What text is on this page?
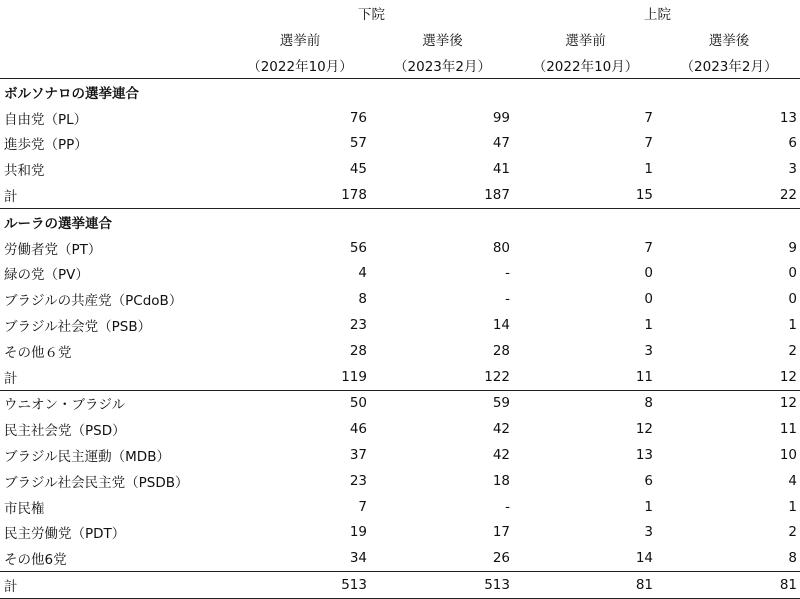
	下院		上院	
	選挙前	選挙後	選挙前	選挙後
	（2022年10月）	（2023年2月）	（2022年10月）	（2023年2月）
ボルソナロの選挙連合				
自由党（PL）	76	99	7	13
進歩党（PP）	57	47	7	6
共和党	45	41	1	3
計	178	187	15	22
ルーラの選挙連合				
労働者党（PT）	56	80	7	9
緑の党（PV）	4	-	0	0
ブラジルの共産党（PCdoB）	8	-	0	0
ブラジル社会党（PSB）	23	14	1	1
その他６党	28	28	3	2
計	119	122	11	12
ウニオン・ブラジル	50	59	8	12
民主社会党（PSD）	46	42	12	11
ブラジル民主運動（MDB）	37	42	13	10
ブラジル社会民主党（PSDB）	23	18	6	4
市民権	7	-	1	1
民主労働党（PDT）	19	17	3	2
その他6党	34	26	14	8
計	513	513	81	81
